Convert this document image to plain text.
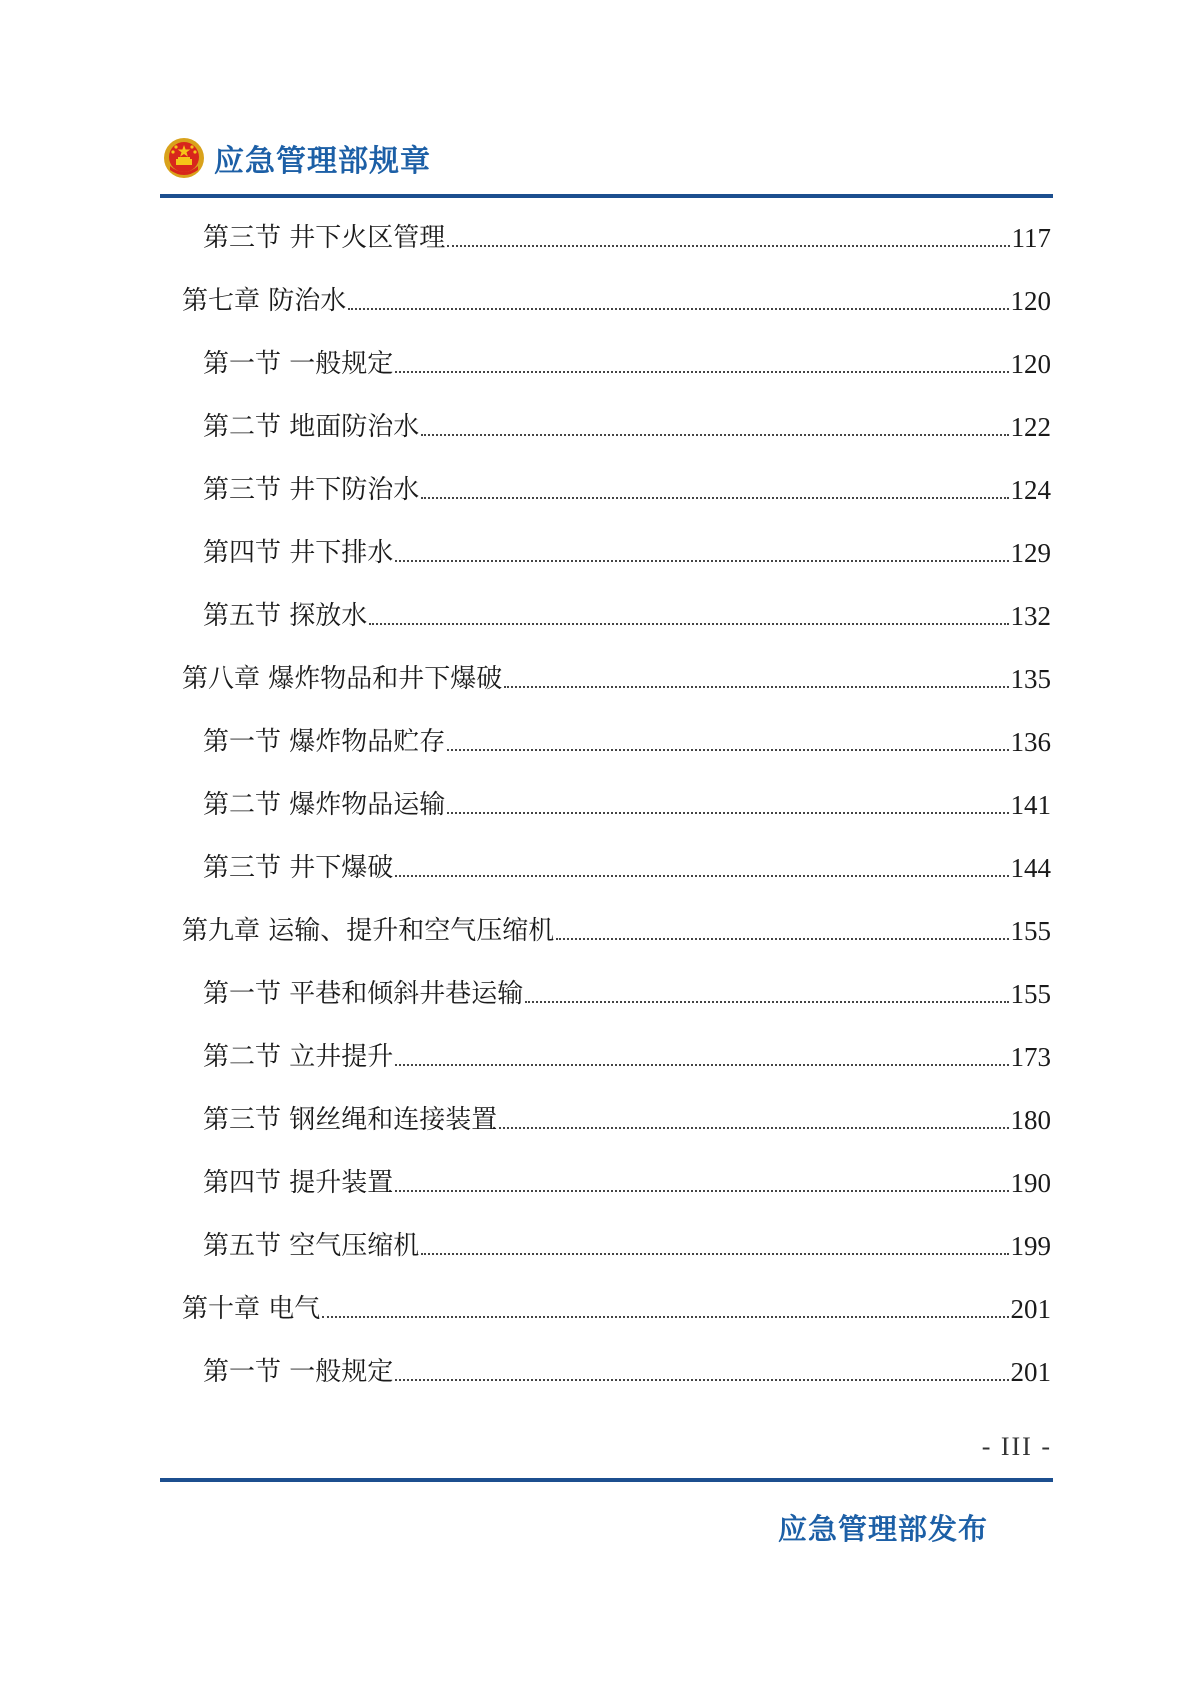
应急管理部规章
第三节 井下火区管理	117
第七章 防治水	120
第一节 一般规定	120
第二节 地面防治水	122
第三节 井下防治水	124
第四节 井下排水	129
第五节 探放水	132
第八章 爆炸物品和井下爆破	135
第一节 爆炸物品贮存	136
第二节 爆炸物品运输	141
第三节 井下爆破	144
第九章 运输、提升和空气压缩机	155
第一节 平巷和倾斜井巷运输	155
第二节 立井提升	173
第三节 钢丝绳和连接装置	180
第四节 提升装置	190
第五节 空气压缩机	199
第十章 电气	201
第一节 一般规定	201
- III -
应急管理部发布
